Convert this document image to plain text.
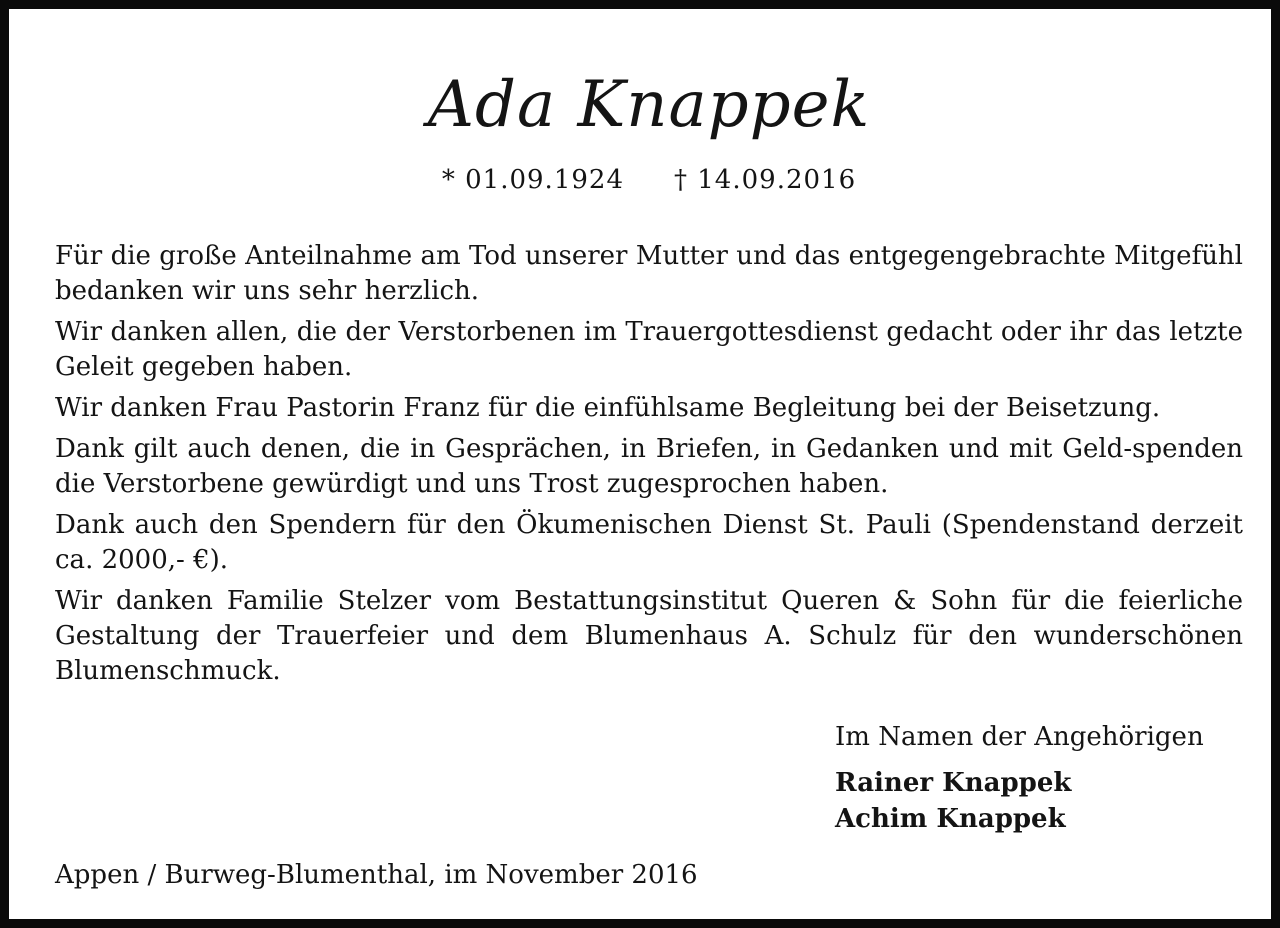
Ada Knappek
* 01.09.1924 † 14.09.2016

Für die große Anteilnahme am Tod unserer Mutter und das entgegengebrachte Mitgefühl bedanken wir uns sehr herzlich.

Wir danken allen, die der Verstorbenen im Trauergottesdienst gedacht oder ihr das letzte Geleit gegeben haben.

Wir danken Frau Pastorin Franz für die einfühlsame Begleitung bei der Beisetzung.

Dank gilt auch denen, die in Gesprächen, in Briefen, in Gedanken und mit Geld-spenden die Verstorbene gewürdigt und uns Trost zugesprochen haben.

Dank auch den Spendern für den Ökumenischen Dienst St. Pauli (Spendenstand derzeit ca. 2000,- €).

Wir danken Familie Stelzer vom Bestattungsinstitut Queren & Sohn für die feierliche Gestaltung der Trauerfeier und dem Blumenhaus A. Schulz für den wunderschönen Blumenschmuck.

Im Namen der Angehörigen
Rainer Knappek
Achim Knappek
Appen / Burweg-Blumenthal, im November 2016
